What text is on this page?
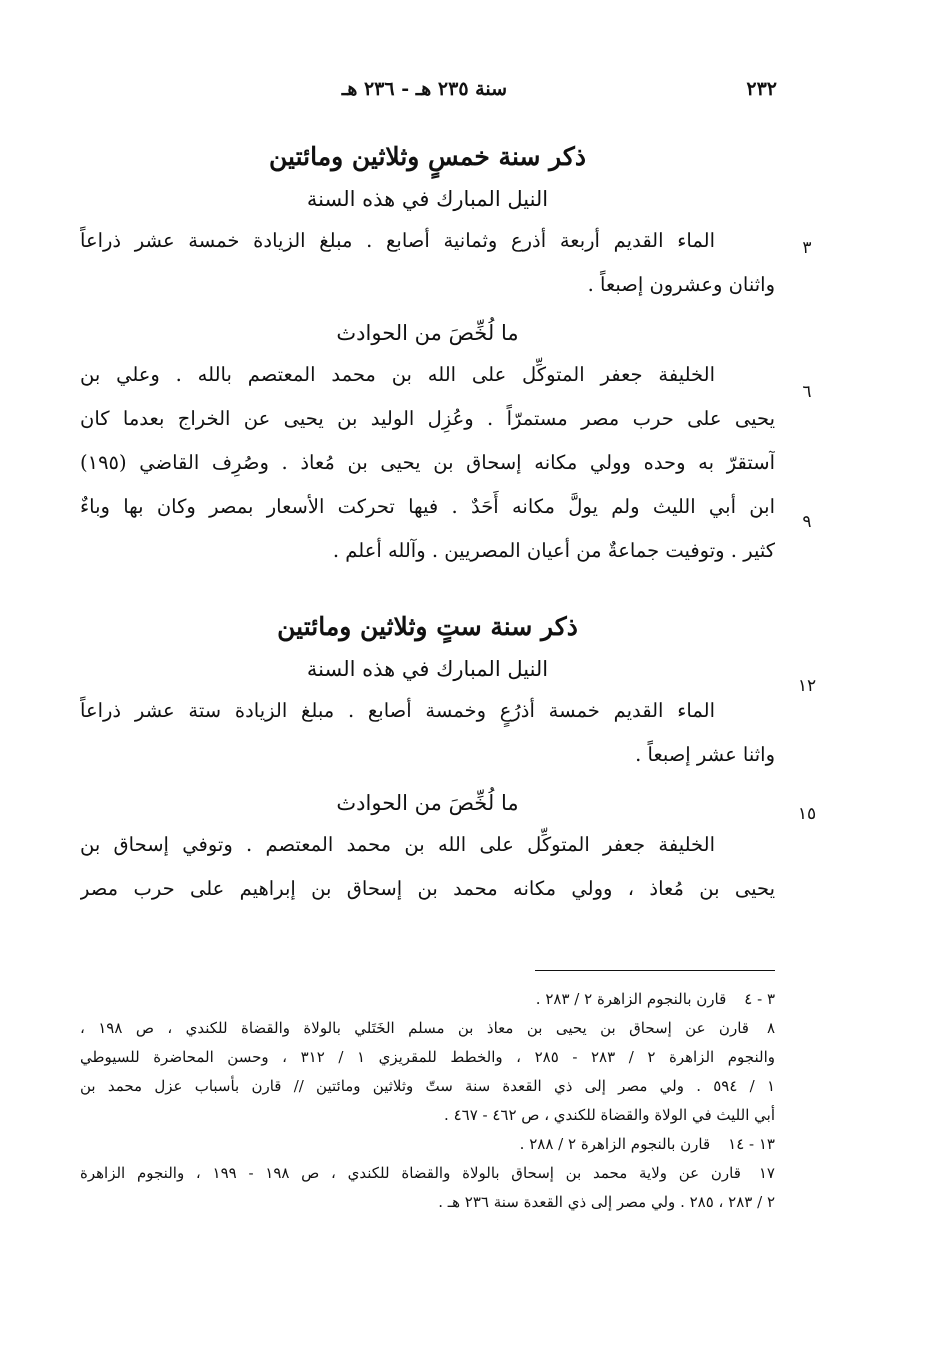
٢٣٢
سنة ٢٣٥ هـ - ٢٣٦ هـ
ذكر سنة خمسٍ وثلاثين ومائتين
النيل المبارك في هذه السنة
الماء القديم أربعة أذرع وثمانية أصابع . مبلغ الزيادة خمسة عشر ذراعاً
واثنان وعشرون إصبعاً .
ما لُخِّصَ من الحوادث
الخليفة جعفر المتوكِّل على الله بن محمد المعتصم بالله . وعلي بن
يحيى على حرب مصر مستمرّاً . وعُزِل الوليد بن يحيى عن الخراج بعدما كان
آستقرّ به وحده وولي مكانه إسحاق بن يحيى بن مُعاذ . وصُرِف القاضي (١٩٥)
ابن أبي الليث ولم يولَّ مكانه أَحَدٌ . فيها تحركت الأسعار بمصر وكان بها وباءٌ
كثير . وتوفيت جماعةٌ من أعيان المصريين . وآلله أعلم .
ذكر سنة ستٍ وثلاثين ومائتين
النيل المبارك في هذه السنة
الماء القديم خمسة أذرُعٍ وخمسة أصابع . مبلغ الزيادة ستة عشر ذراعاً
واثنا عشر إصبعاً .
ما لُخِّصَ من الحوادث
الخليفة جعفر المتوكِّل على الله بن محمد المعتصم . وتوفي إسحاق بن
يحيى بن مُعاذ ، وولي مكانه محمد بن إسحاق بن إبراهيم على حرب مصر
٣
٦
٩
١٢
١٥
٣ - ٤قارن بالنجوم الزاهرة ٢ / ٢٨٣ .
٨قارن عن إسحاق بن يحيى بن معاذ بن مسلم الخَتَلي بالولاة والقضاة للكندي ، ص ١٩٨ ،
والنجوم الزاهرة ٢ / ٢٨٣ - ٢٨٥ ، والخطط للمقريزي ١ / ٣١٢ ، وحسن المحاضرة للسيوطي
١ / ٥٩٤ . ولي مصر إلى ذي القعدة سنة ستّ وثلاثين ومائتين // قارن بأسباب عزل محمد بن
أبي الليث في الولاة والقضاة للكندي ، ص ٤٦٢ - ٤٦٧ .
١٣ - ١٤قارن بالنجوم الزاهرة ٢ / ٢٨٨ .
١٧قارن عن ولاية محمد بن إسحاق بالولاة والقضاة للكندي ، ص ١٩٨ - ١٩٩ ، والنجوم الزاهرة
٢ / ٢٨٣ ، ٢٨٥ . ولي مصر إلى ذي القعدة سنة ٢٣٦ هـ .
